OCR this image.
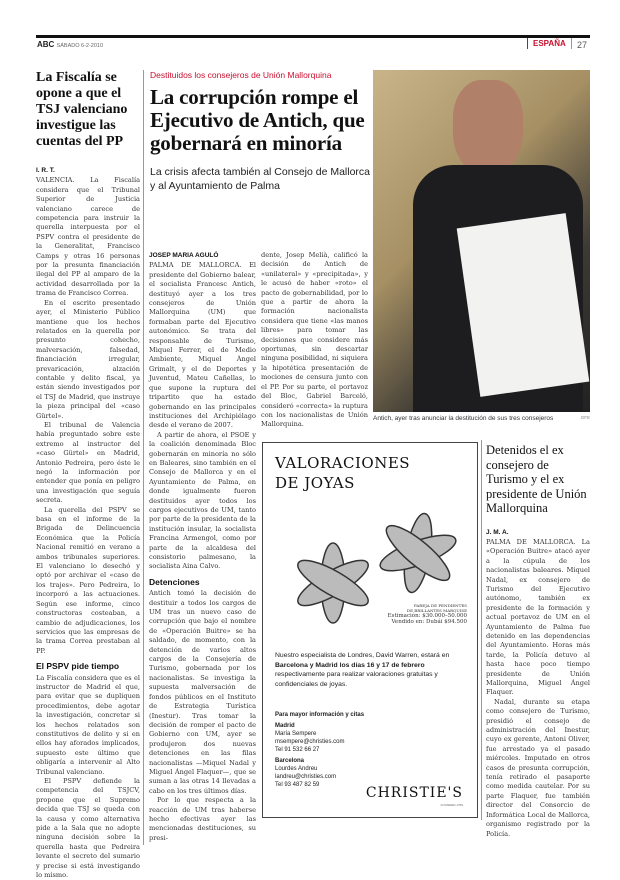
ABC SÁBADO 6-2-2010	ESPAÑA	27
La Fiscalía se opone a que el TSJ valenciano investigue las cuentas del PP
I. R. T.

VALENCIA. La Fiscalía considera que el Tribunal Superior de Justicia valenciano carece de competencia para instruir la querella interpuesta por el PSPV contra el presidente de la Generalitat, Francisco Camps y otras 16 personas por la presunta financiación ilegal del PP al amparo de la actividad desarrollada por la trama de Francisco Correa.

En el escrito presentado ayer, el Ministerio Público mantiene que los hechos relatados en la querella por presunto cohecho, malversación, falsedad, financiación irregular, prevaricación, alzación contable y delito fiscal, ya están siendo investigados por el TSJ de Madrid, que instruye la pieza principal del «caso Gürtel».

El tribunal de Valencia había preguntado sobre este extremo al instructor del «caso Gürtel» en Madrid, Antonio Pedreira, pero éste le negó la información por entender que ponía en peligro una investigación que seguía secreta.

La querella del PSPV se basa en el informe de la Brigada de Delincuencia Económica que la Policía Nacional remitió en verano a ambos tribunales superiores. El valenciano lo desechó y optó por archivar el «caso de los trajes». Pero Pedreira, lo incorporó a las actuaciones. Según ese informe, cinco constructoras costeaban, a cambio de adjudicaciones, los servicios que las empresas de la trama Correa prestaban al PP.

El PSPV pide tiempo

La Fiscalía considera que es el instructor de Madrid el que, para evitar que se dupliquen procedimientos, debe agotar la investigación, concretar si los hechos relatados son constitutivos de delito y si en ellos hay aforados implicados, supuesto este último que obligaría a intervenir al Alto Tribunal valenciano.

El PSPV defiende la competencia del TSJCV, propone que el Supremo decida que TSJ se queda con la causa y como alternativa pide a la Sala que no adopte ninguna decisión sobre la querella hasta que Pedreira levante el secreto del sumario y precise si está investigando lo mismo.

Destituidos los consejeros de Unión Mallorquina
La corrupción rompe el Ejecutivo de Antich, que gobernará en minoría
La crisis afecta también al Consejo de Mallorca y al Ayuntamiento de Palma
JOSEP MARIA AGULÓ

PALMA DE MALLORCA. El presidente del Gobierno balear, el socialista Francesc Antich, destituyó ayer a los tres consejeros de Unión Mallorquina (UM) que formaban parte del Ejecutivo autonómico. Se trata del responsable de Turismo, Miquel Ferrer, el de Medio Ambiente, Miquel Àngel Grimalt, y el de Deportes y Juventud, Mateu Cañellas, lo que supone la ruptura del tripartito que ha estado gobernando en las principales instituciones del Archipiélago desde el verano de 2007.

A partir de ahora, el PSOE y la coalición denominada Bloc gobernarán en minoría no sólo en Baleares, sino también en el Consejo de Mallorca y en el Ayuntamiento de Palma, en donde igualmente fueron destituidos ayer todos los cargos ejecutivos de UM, tanto por parte de la presidenta de la institución insular, la socialista Francina Armengol, como por parte de la alcaldesa del consistorio palmesano, la socialista Aina Calvo.

Detenciones

Antich tomó la decisión de destituir a todos los cargos de UM tras un nuevo caso de corrupción que bajo el nombre de «Operación Buitre» se ha saldado, de momento, con la detención de varios altos cargos de la Consejería de Turismo, gobernada por los nacionalistas. Se investiga la supuesta malversación de fondos públicos en el Instituto de Estrategia Turística (Inestur). Tras tomar la decisión de romper el pacto de Gobierno con UM, ayer se produjeron dos nuevas detenciones en las filas nacionalistas —Miquel Nadal y Miguel Ángel Flaquer—, que se suman a las otras 14 llevadas a cabo en los tres últimos días.

Por lo que respecta a la reacción de UM tras haberse hecho efectivas ayer las mencionadas destituciones, su presi-

dente, Josep Melià, calificó la decisión de Antich de «unilateral» y «precipitada», y le acusó de haber «roto» el pacto de gobernabilidad, por lo que a partir de ahora la formación nacionalista considera que tiene «las manos libres» para tomar las decisiones que considere más oportunas, sin descartar ninguna posibilidad, ni siquiera la hipotética presentación de mociones de censura junto con el PP. Por su parte, el portavoz del Bloc, Gabriel Barceló, consideró «correcta» la ruptura con los nacionalistas de Unión Mallorquina.

Antich, ayer tras anunciar la destitución de sus tres consejeros	EFE
VALORACIONES
DE JOYAS
PAREJA DE PENDIENTES
DE BRILLANTES MARQUISE
Estimación: $30.000–50.000
Vendido en: Dubái $94.500
Nuestro especialista de Londres, David Warren, estará en Barcelona y Madrid los días 16 y 17 de febrero respectivamente para realizar valoraciones gratuitas y confidenciales de joyas.
Para mayor información y citas
Madrid
María Sempere
msempere@christies.com
Tel 91 532 66 27
Barcelona
Lourdes Andreu
landreu@christies.com
Tel 93 487 82 59	CHRISTIE'S
FOUNDED 1766
Detenidos el ex consejero de Turismo y el ex presidente de Unión Mallorquina
J. M. A.

PALMA DE MALLORCA. La «Operación Buitre» atacó ayer a la cúpula de los nacionalistas baleares. Miquel Nadal, ex consejero de Turismo del Ejecutivo autónomo, también ex presidente de la formación y actual portavoz de UM en el Ayuntamiento de Palma fue detenido en las dependencias del Ayuntamiento. Horas más tarde, la Policía detuvo al hasta hace poco tiempo presidente de Unión Mallorquina, Miguel Ángel Flaquer.

Nadal, durante su etapa como consejero de Turismo, presidió el consejo de administración del Inestur, cuyo ex gerente, Antoni Oliver, fue arrestado ya el pasado miércoles. Imputado en otros casos de presunta corrupción, tenía retirado el pasaporte como medida cautelar. Por su parte Flaquer, fue también director del Consorcio de Informática Local de Mallorca, organismo registrado por la Policía.
